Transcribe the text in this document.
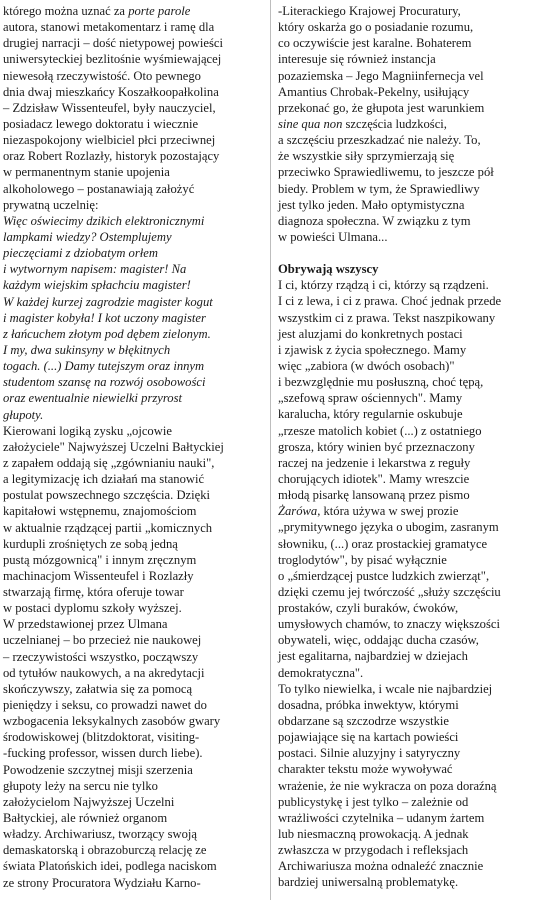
którego można uznać za porte parole
autora, stanowi metakomentarz i ramę dla
drugiej narracji – dość nietypowej powieści
uniwersyteckiej bezlitośnie wyśmiewającej
niewesołą rzeczywistość. Oto pewnego
dnia dwaj mieszkańcy Koszałkoopałkolina
– Zdzisław Wissenteufel, były nauczyciel,
posiadacz lewego doktoratu i wiecznie
niezaspokojony wielbiciel płci przeciwnej
oraz Robert Rozlazły, historyk pozostający
w permanentnym stanie upojenia
alkoholowego – postanawiają założyć
prywatną uczelnię:
Więc oświecimy dzikich elektronicznymi
lampkami wiedzy? Ostemplujemy
pieczęciami z dziobatym orłem
i wytwornym napisem: magister! Na
każdym wiejskim spłachciu magister!
W każdej kurzej zagrodzie magister kogut
i magister kobyła! I kot uczony magister
z łańcuchem złotym pod dębem zielonym.
I my, dwa sukinsyny w błękitnych
togach. (...) Damy tutejszym oraz innym
studentom szansę na rozwój osobowości
oraz ewentualnie niewielki przyrost
głupoty.
Kierowani logiką zysku „ojcowie
założyciele" Najwyższej Uczelni Bałtyckiej
z zapałem oddają się „zgównianiu nauki",
a legitymizację ich działań ma stanowić
postulat powszechnego szczęścia. Dzięki
kapitałowi wstępnemu, znajomościom
w aktualnie rządzącej partii „komicznych
kurdupli zrośniętych ze sobą jedną
pustą mózgownicą" i innym zręcznym
machinacjom Wissenteufel i Rozlazły
stwarzają firmę, która oferuje towar
w postaci dyplomu szkoły wyższej.
W przedstawionej przez Ulmana
uczelnianej – bo przecież nie naukowej
– rzeczywistości wszystko, począwszy
od tytułów naukowych, a na akredytacji
skończywszy, załatwia się za pomocą
pieniędzy i seksu, co prowadzi nawet do
wzbogacenia leksykalnych zasobów gwary
środowiskowej (blitzdoktorat, visiting-
-fucking professor, wissen durch liebe).
Powodzenie szczytnej misji szerzenia
głupoty leży na sercu nie tylko
założycielom Najwyższej Uczelni
Bałtyckiej, ale również organom
władzy. Archiwariusz, tworzący swoją
demaskatorską i obrazoburczą relację ze
świata Platońskich idei, podlega naciskom
ze strony Procuratora Wydziału Karno-
-Literackiego Krajowej Procuratury,
który oskarża go o posiadanie rozumu,
co oczywiście jest karalne. Bohaterem
interesuje się również instancja
pozaziemska – Jego Magniinfernecja vel
Amantius Chrobak-Pekelny, usiłujący
przekonać go, że głupota jest warunkiem
sine qua non szczęścia ludzkości,
a szczęściu przeszkadzać nie należy. To,
że wszystkie siły sprzymierzają się
przeciwko Sprawiedliwemu, to jeszcze pół
biedy. Problem w tym, że Sprawiedliwy
jest tylko jeden. Mało optymistyczna
diagnoza społeczna. W związku z tym
w powieści Ulmana...
Obrywają wszyscy
I ci, którzy rządzą i ci, którzy są rządzeni.
I ci z lewa, i ci z prawa. Choć jednak przede
wszystkim ci z prawa. Tekst naszpikowany
jest aluzjami do konkretnych postaci
i zjawisk z życia społecznego. Mamy
więc „zabiora (w dwóch osobach)"
i bezwzględnie mu posłuszną, choć tępą,
„szefową spraw ościennych". Mamy
karalucha, który regularnie oskubuje
„rzesze matolich kobiet (...) z ostatniego
grosza, który winien być przeznaczony
raczej na jedzenie i lekarstwa z reguły
chorujących idiotek". Mamy wreszcie
młodą pisarkę lansowaną przez pismo
Żarówa, która używa w swej prozie
„prymitywnego języka o ubogim, zasranym
słowniku, (...) oraz prostackiej gramatyce
troglodytów", by pisać wyłącznie
o „śmierdzącej pustce ludzkich zwierząt",
dzięki czemu jej twórczość „służy szczęściu
prostaków, czyli buraków, ćwoków,
umysłowych chamów, to znaczy większości
obywateli, więc, oddając ducha czasów,
jest egalitarna, najbardziej w dziejach
demokratyczna".
To tylko niewielka, i wcale nie najbardziej
dosadna, próbka inwektyw, którymi
obdarzane są szczodrze wszystkie
pojawiające się na kartach powieści
postaci. Silnie aluzyjny i satyryczny
charakter tekstu może wywoływać
wrażenie, że nie wykracza on poza doraźną
publicystykę i jest tylko – zależnie od
wrażliwości czytelnika – udanym żartem
lub niesmaczną prowokacją. A jednak
zwłaszcza w przygodach i refleksjach
Archiwariusza można odnaleźć znacznie
bardziej uniwersalną problematykę.
